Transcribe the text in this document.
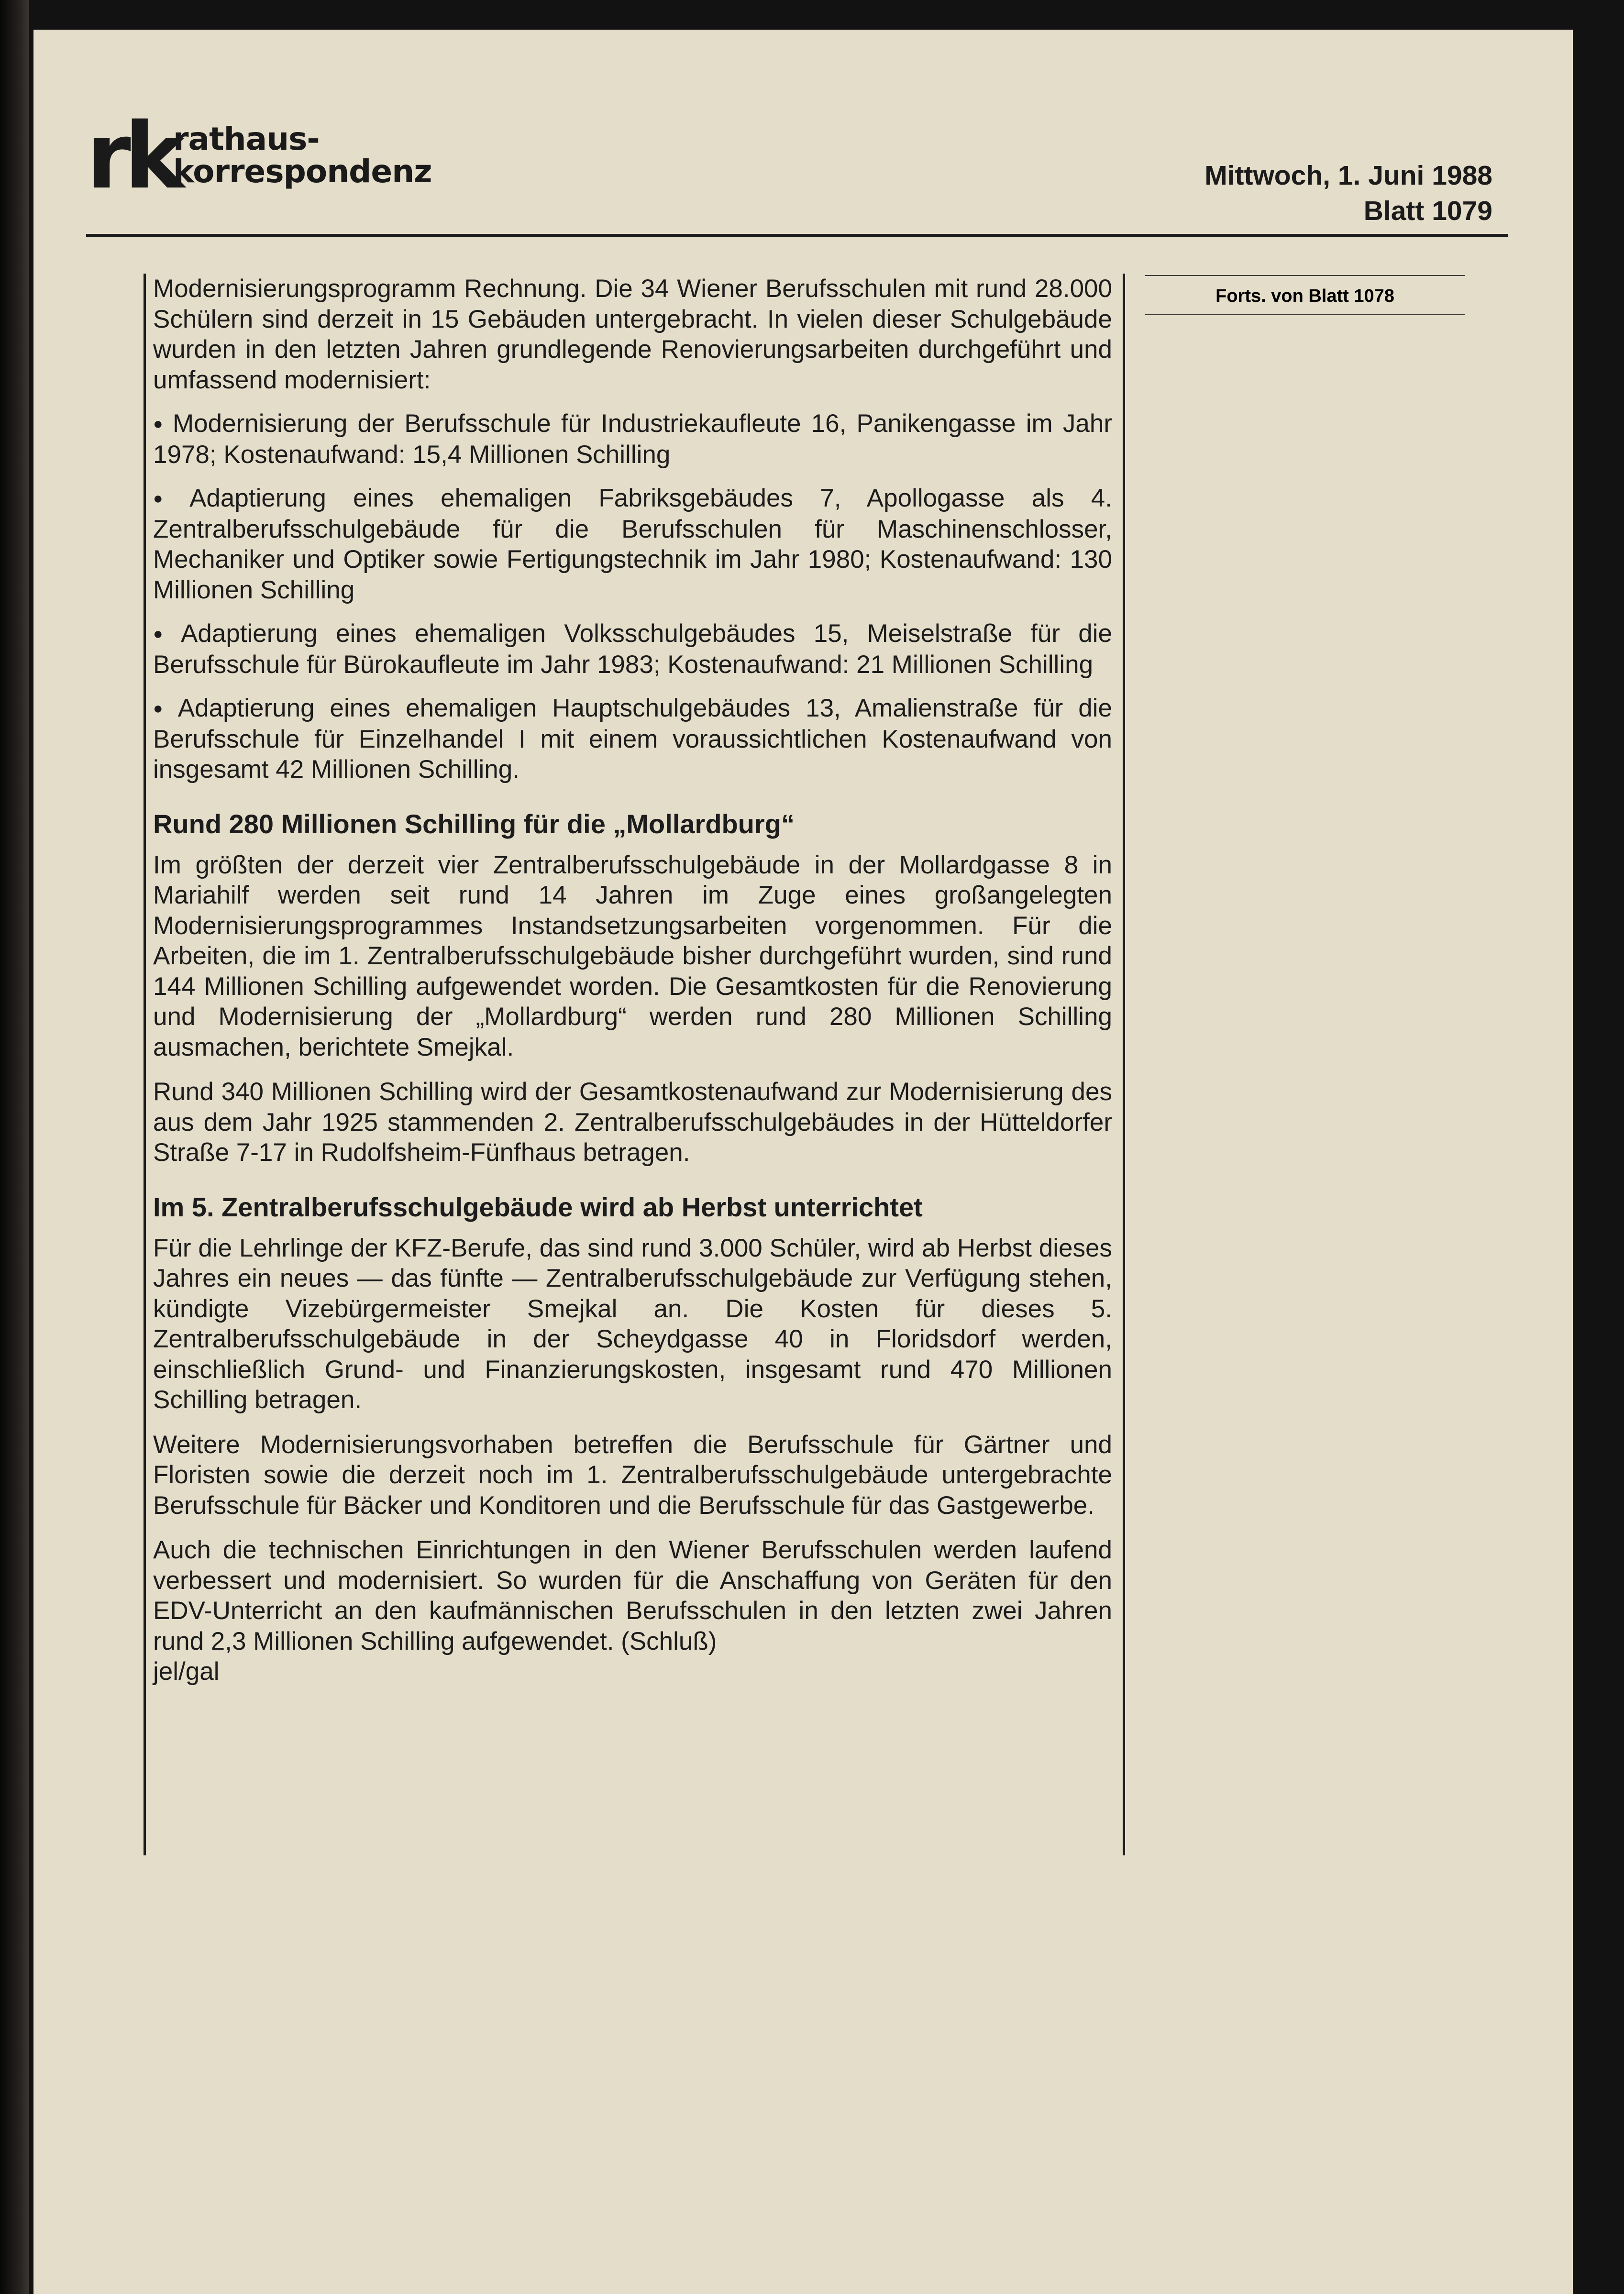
rk
rathaus-
korrespondenz	Mittwoch, 1. Juni 1988
Blatt 1079
Forts. von Blatt 1078

Modernisierungsprogramm Rechnung. Die 34 Wiener Berufsschulen mit rund 28.000 Schülern sind derzeit in 15 Gebäuden untergebracht. In vielen dieser Schulgebäude wurden in den letzten Jahren grundlegende Renovierungsarbeiten durchgeführt und umfassend modernisiert:

● Modernisierung der Berufsschule für Industriekaufleute 16, Panikengasse im Jahr 1978; Kostenaufwand: 15,4 Millionen Schilling

● Adaptierung eines ehemaligen Fabriksgebäudes 7, Apollogasse als 4. Zentralberufsschulgebäude für die Berufsschulen für Maschinenschlosser, Mechaniker und Optiker sowie Fertigungstechnik im Jahr 1980; Kostenaufwand: 130 Millionen Schilling

● Adaptierung eines ehemaligen Volksschulgebäudes 15, Meiselstraße für die Berufsschule für Bürokaufleute im Jahr 1983; Kostenaufwand: 21 Millionen Schilling

● Adaptierung eines ehemaligen Hauptschulgebäudes 13, Amalienstraße für die Berufsschule für Einzelhandel I mit einem voraussichtlichen Kostenaufwand von insgesamt 42 Millionen Schilling.

Rund 280 Millionen Schilling für die „Mollardburg“

Im größten der derzeit vier Zentralberufsschulgebäude in der Mollardgasse 8 in Mariahilf werden seit rund 14 Jahren im Zuge eines großangelegten Modernisierungsprogrammes Instandsetzungsarbeiten vorgenommen. Für die Arbeiten, die im 1. Zentralberufsschulgebäude bisher durchgeführt wurden, sind rund 144 Millionen Schilling aufgewendet worden. Die Gesamtkosten für die Renovierung und Modernisierung der „Mollardburg“ werden rund 280 Millionen Schilling ausmachen, berichtete Smejkal.

Rund 340 Millionen Schilling wird der Gesamtkostenaufwand zur Modernisierung des aus dem Jahr 1925 stammenden 2. Zentralberufsschulgebäudes in der Hütteldorfer Straße 7-17 in Rudolfsheim-Fünfhaus betragen.

Im 5. Zentralberufsschulgebäude wird ab Herbst unterrichtet

Für die Lehrlinge der KFZ-Berufe, das sind rund 3.000 Schüler, wird ab Herbst dieses Jahres ein neues — das fünfte — Zentralberufsschulgebäude zur Verfügung stehen, kündigte Vizebürgermeister Smejkal an. Die Kosten für dieses 5. Zentralberufsschulgebäude in der Scheydgasse 40 in Floridsdorf werden, einschließlich Grund- und Finanzierungskosten, insgesamt rund 470 Millionen Schilling betragen.

Weitere Modernisierungsvorhaben betreffen die Berufsschule für Gärtner und Floristen sowie die derzeit noch im 1. Zentralberufsschulgebäude untergebrachte Berufsschule für Bäcker und Konditoren und die Berufsschule für das Gastgewerbe.

Auch die technischen Einrichtungen in den Wiener Berufsschulen werden laufend verbessert und modernisiert. So wurden für die Anschaffung von Geräten für den EDV-Unterricht an den kaufmännischen Berufsschulen in den letzten zwei Jahren rund 2,3 Millionen Schilling aufgewendet. (Schluß)

jel/gal
